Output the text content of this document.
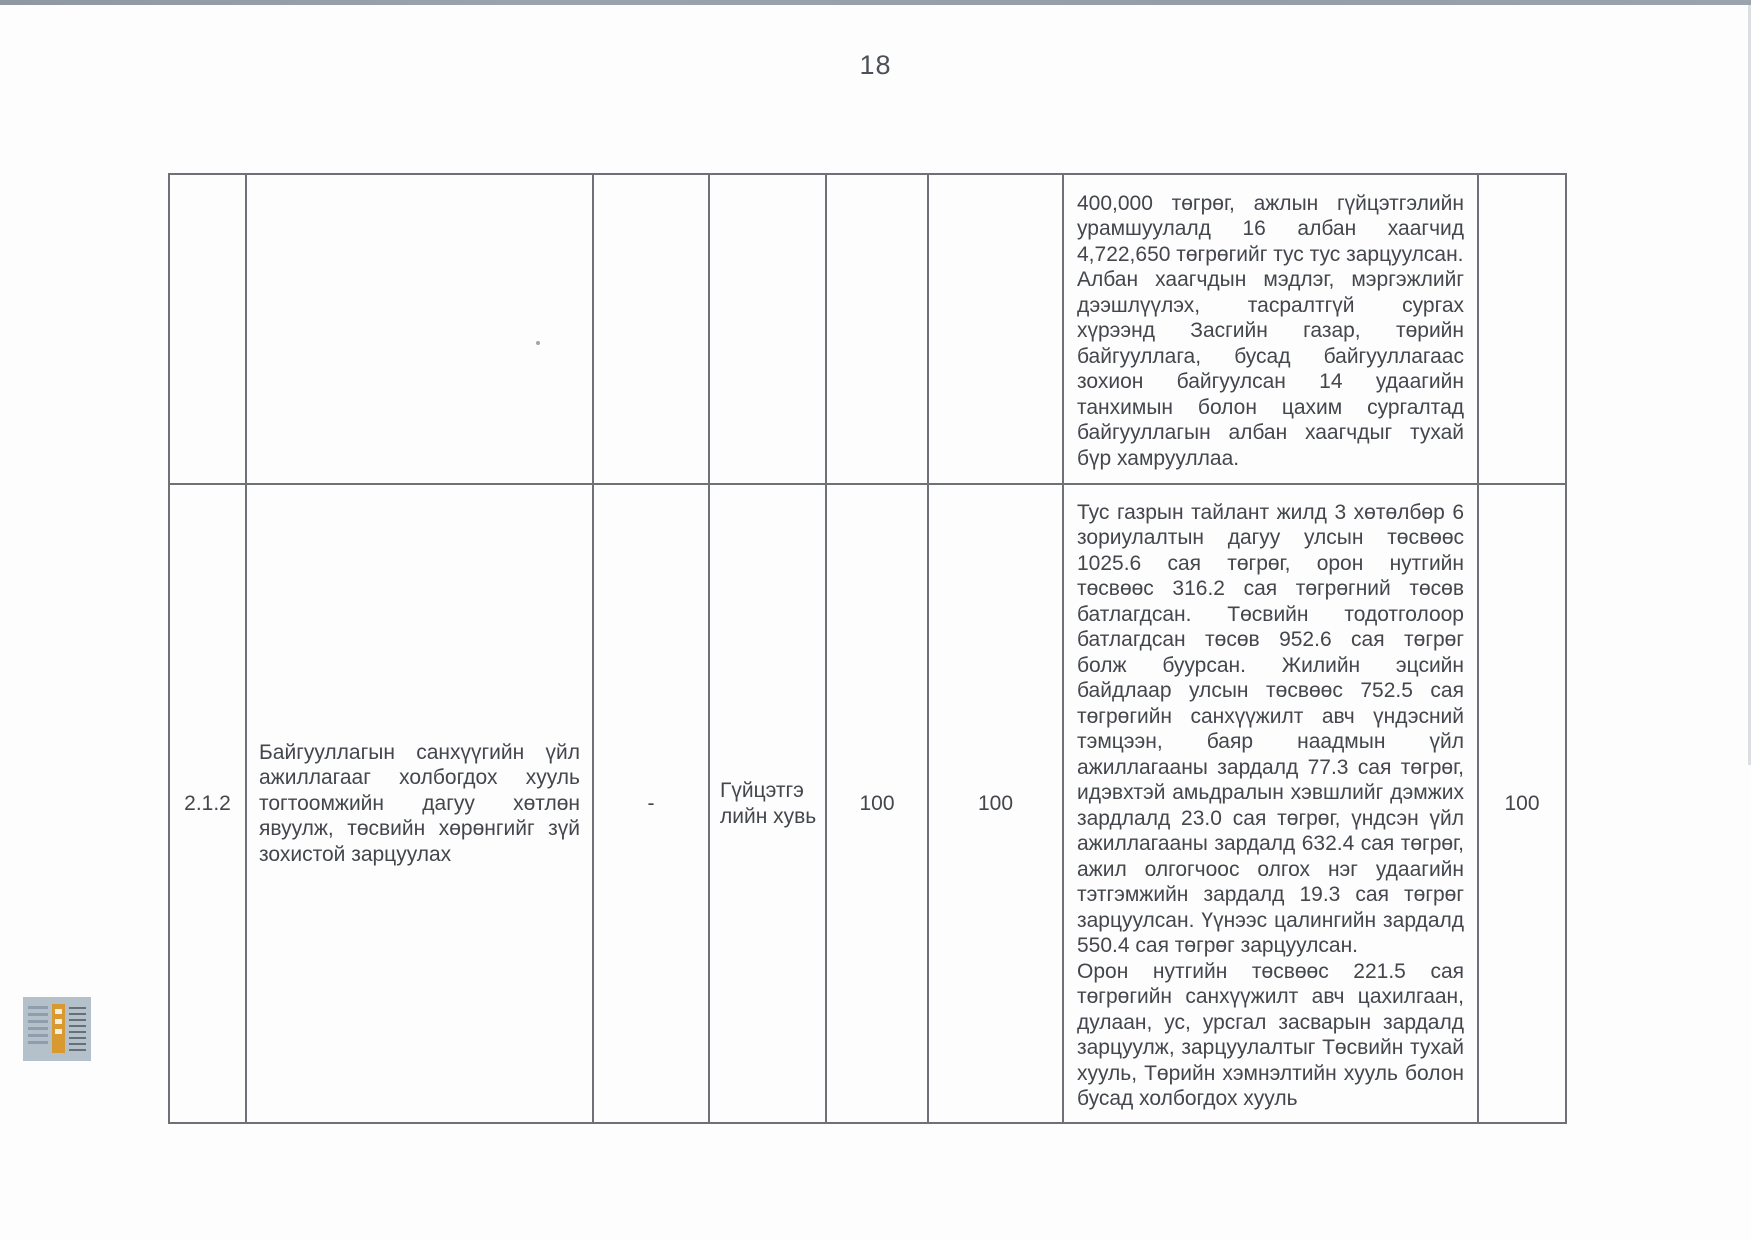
18

						400,000 төгрөг, ажлын гүйцэтгэлийн урамшуулалд 16 албан хаагчид 4,722,650 төгрөгийг тус тус зарцуулсан.

Албан хаагчдын мэдлэг, мэргэжлийг дээшлүүлэх, тасралтгүй сургах хүрээнд Засгийн газар, төрийн байгууллага, бусад байгууллагаас зохион байгуулсан 14 удаагийн танхимын болон цахим сургалтад байгууллагын албан хаагчдыг тухай бүр хамрууллаа.	

2.1.2	Байгууллагын санхүүгийн үйл ажиллагааг холбогдох хууль тогтоомжийн дагуу хөтлөн явуулж, төсвийн хөрөнгийг зүй зохистой зарцуулах	-	Гүйцэтгэ лийн хувь	100	100	Тус газрын тайлант жилд 3 хөтөлбөр 6 зориулалтын дагуу улсын төсвөөс 1025.6 сая төгрөг, орон нутгийн төсвөөс 316.2 сая төгрөгний төсөв батлагдсан. Төсвийн тодотголоор батлагдсан төсөв 952.6 сая төгрөг болж буурсан. Жилийн эцсийн байдлаар улсын төсвөөс 752.5 сая төгрөгийн санхүүжилт авч үндэсний тэмцээн, баяр наадмын үйл ажиллагааны зардалд 77.3 сая төгрөг, идэвхтэй амьдралын хэвшлийг дэмжих зардлалд 23.0 сая төгрөг, үндсэн үйл ажиллагааны зардалд 632.4 сая төгрөг, ажил олгогчоос олгох нэг удаагийн тэтгэмжийн зардалд 19.3 сая төгрөг зарцуулсан. Үүнээс цалингийн зардалд 550.4 сая төгрөг зарцуулсан.

Орон нутгийн төсвөөс 221.5 сая төгрөгийн санхүүжилт авч цахилгаан, дулаан, ус, урсгал засварын зардалд зарцуулж, зарцуулалтыг Төсвийн тухай хууль, Төрийн хэмнэлтийн хууль болон бусад холбогдох хууль	100
